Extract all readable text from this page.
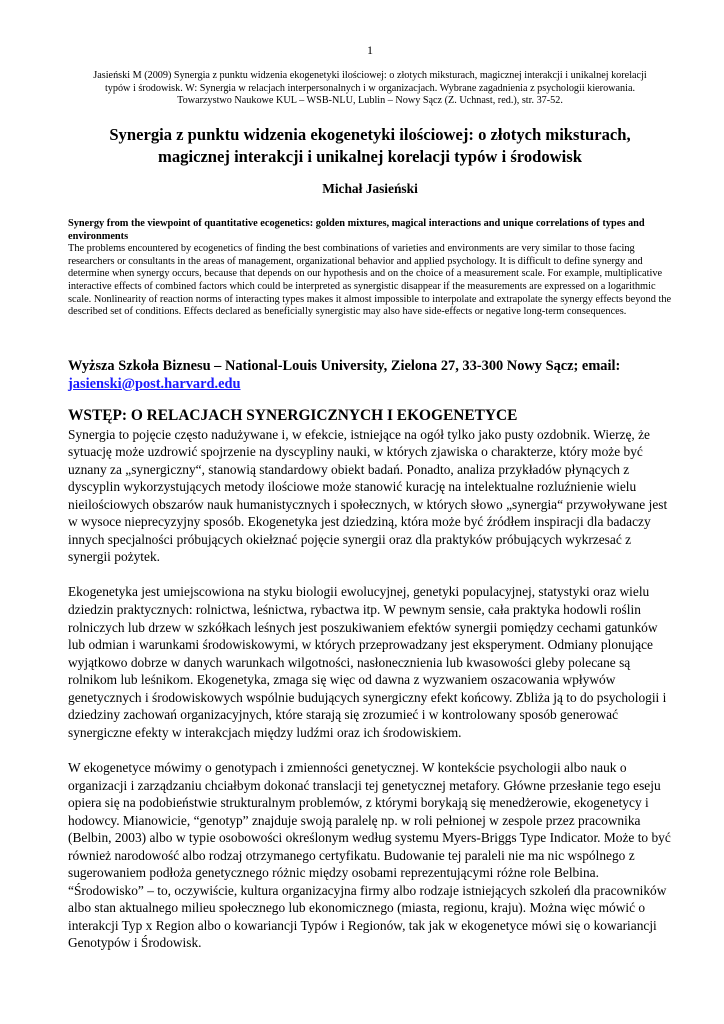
1
Jasieński M (2009) Synergia z punktu widzenia ekogenetyki ilościowej: o złotych miksturach, magicznej interakcji i unikalnej korelacji
typów i środowisk. W: Synergia w relacjach interpersonalnych i w organizacjach. Wybrane zagadnienia z psychologii kierowania.
Towarzystwo Naukowe KUL – WSB-NLU, Lublin – Nowy Sącz (Z. Uchnast, red.), str. 37-52.
Synergia z punktu widzenia ekogenetyki ilościowej: o złotych miksturach,
magicznej interakcji i unikalnej korelacji typów i środowisk
Michał Jasieński
Synergy from the viewpoint of quantitative ecogenetics: golden mixtures, magical interactions and unique correlations of types and environments
The problems encountered by ecogenetics of finding the best combinations of varieties and environments are very similar to those facing researchers or consultants in the areas of management, organizational behavior and applied psychology. It is difficult to define synergy and determine when synergy occurs, because that depends on our hypothesis and on the choice of a measurement scale. For example, multiplicative interactive effects of combined factors which could be interpreted as synergistic disappear if the measurements are expressed on a logarithmic scale. Nonlinearity of reaction norms of interacting types makes it almost impossible to interpolate and extrapolate the synergy effects beyond the described set of conditions. Effects declared as beneficially synergistic may also have side-effects or negative long-term consequences.
Wyższa Szkoła Biznesu – National-Louis University, Zielona 27, 33-300 Nowy Sącz; email:
jasienski@post.harvard.edu
WSTĘP: O RELACJACH SYNERGICZNYCH I EKOGENETYCE

Synergia to pojęcie często nadużywane i, w efekcie, istniejące na ogół tylko jako pusty ozdobnik. Wierzę, że sytuację może uzdrowić spojrzenie na dyscypliny nauki, w których zjawiska o charakterze, który może być uznany za „synergiczny“, stanowią standardowy obiekt badań. Ponadto, analiza przykładów płynących z dyscyplin wykorzystujących metody ilościowe może stanowić kurację na intelektualne rozluźnienie wielu nieilościowych obszarów nauk humanistycznych i społecznych, w których słowo „synergia“ przywoływane jest w wysoce nieprecyzyjny sposób. Ekogenetyka jest dziedziną, która może być źródłem inspiracji dla badaczy innych specjalności próbujących okiełznać pojęcie synergii oraz dla praktyków próbujących wykrzesać z synergii pożytek.

Ekogenetyka jest umiejscowiona na styku biologii ewolucyjnej, genetyki populacyjnej, statystyki oraz wielu dziedzin praktycznych: rolnictwa, leśnictwa, rybactwa itp. W pewnym sensie, cała praktyka hodowli roślin rolniczych lub drzew w szkółkach leśnych jest poszukiwaniem efektów synergii pomiędzy cechami gatunków lub odmian i warunkami środowiskowymi, w których przeprowadzany jest eksperyment. Odmiany plonujące wyjątkowo dobrze w danych warunkach wilgotności, nasłonecznienia lub kwasowości gleby polecane są rolnikom lub leśnikom. Ekogenetyka, zmaga się więc od dawna z wyzwaniem oszacowania wpływów genetycznych i środowiskowych wspólnie budujących synergiczny efekt końcowy. Zbliża ją to do psychologii i dziedziny zachowań organizacyjnych, które starają się zrozumieć i w kontrolowany sposób generować synergiczne efekty w interakcjach między ludźmi oraz ich środowiskiem.

W ekogenetyce mówimy o genotypach i zmienności genetycznej. W kontekście psychologii albo nauk o organizacji i zarządzaniu chciałbym dokonać translacji tej genetycznej metafory. Główne przesłanie tego eseju opiera się na podobieństwie strukturalnym problemów, z którymi borykają się menedżerowie, ekogenetycy i hodowcy. Mianowicie, “genotyp” znajduje swoją paralelę np. w roli pełnionej w zespole przez pracownika (Belbin, 2003) albo w typie osobowości określonym według systemu Myers-Briggs Type Indicator. Może to być również narodowość albo rodzaj otrzymanego certyfikatu. Budowanie tej paraleli nie ma nic wspólnego z sugerowaniem podłoża genetycznego różnic między osobami reprezentującymi różne role Belbina. “Środowisko” – to, oczywiście, kultura organizacyjna firmy albo rodzaje istniejących szkoleń dla pracowników albo stan aktualnego milieu społecznego lub ekonomicznego (miasta, regionu, kraju). Można więc mówić o interakcji Typ x Region albo o kowariancji Typów i Regionów, tak jak w ekogenetyce mówi się o kowariancji Genotypów i Środowisk.
